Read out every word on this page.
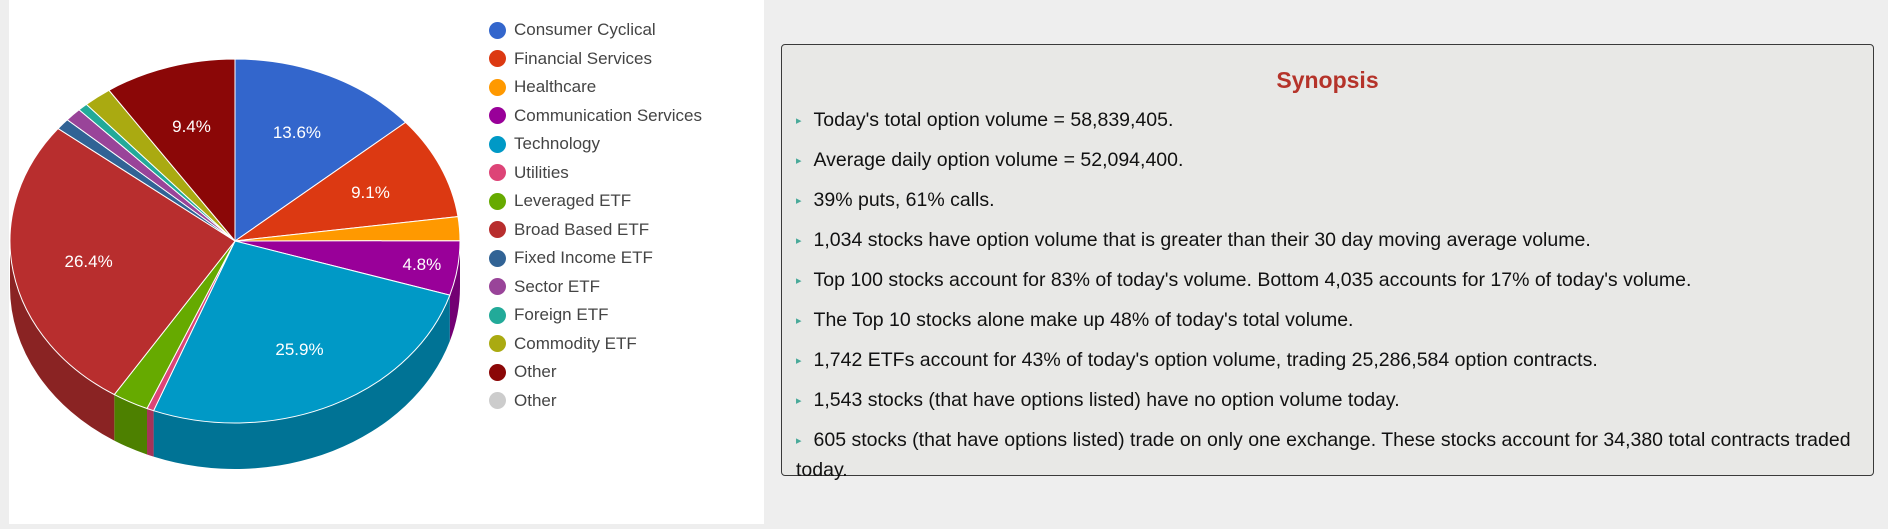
13.6%
9.1%
4.8%
25.9%
26.4%
9.4%
Consumer Cyclical
Financial Services
Healthcare
Communication Services
Technology
Utilities
Leveraged ETF
Broad Based ETF
Fixed Income ETF
Sector ETF
Foreign ETF
Commodity ETF
Other
Other
Synopsis
▸ Today's total option volume = 58,839,405.
▸ Average daily option volume = 52,094,400.
▸ 39% puts, 61% calls.
▸ 1,034 stocks have option volume that is greater than their 30 day moving average volume.
▸ Top 100 stocks account for 83% of today's volume. Bottom 4,035 accounts for 17% of today's volume.
▸ The Top 10 stocks alone make up 48% of today's total volume.
▸ 1,742 ETFs account for 43% of today's option volume, trading 25,286,584 option contracts.
▸ 1,543 stocks (that have options listed) have no option volume today.
▸ 605 stocks (that have options listed) trade on only one exchange. These stocks account for 34,380 total contracts traded today.
